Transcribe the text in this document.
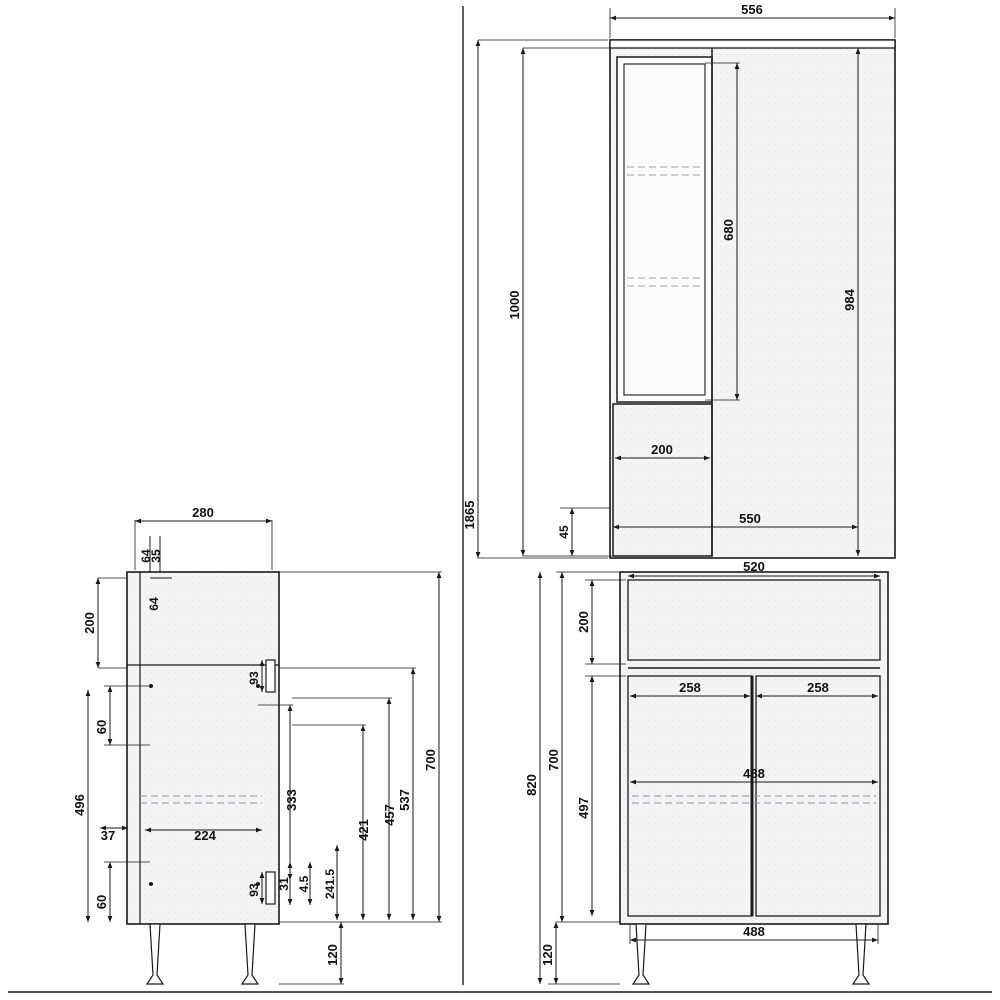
556
1865
1000
680
984
200
550
45
280
35
64
64
200
93
93
60
60
496
37	224
333
421
457
537
700
31 4.5 241.5
120
520
200
258	258
488
700
820
497
488
120
